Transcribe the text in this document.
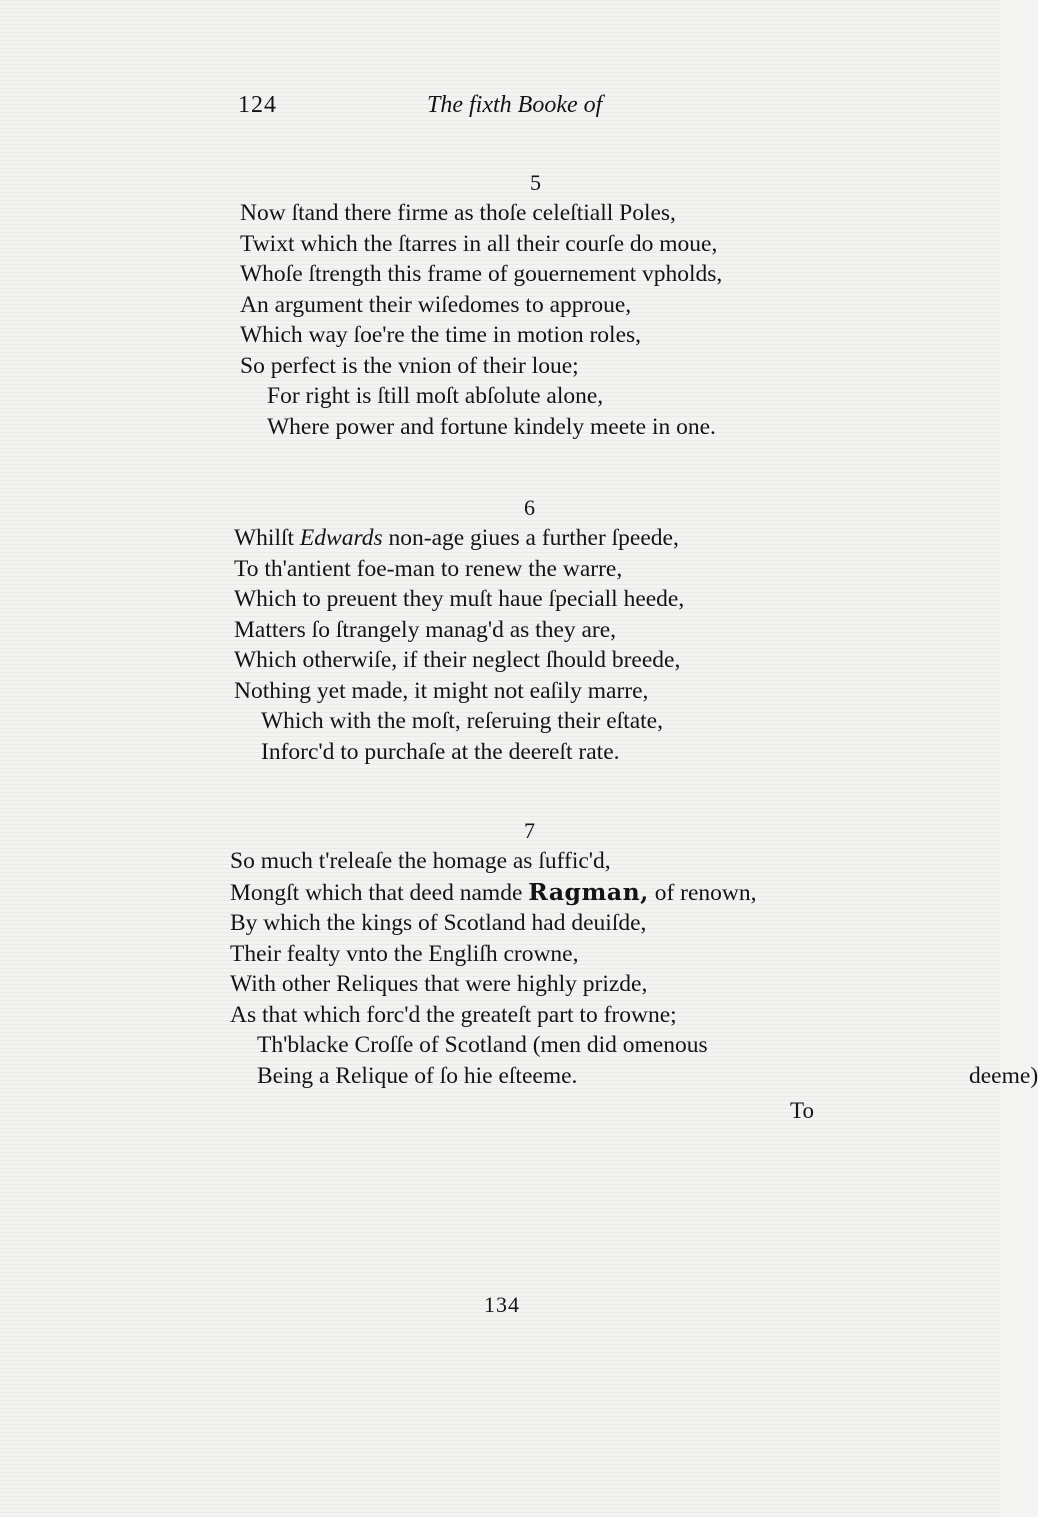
124	The fixth Booke of
5
Now ſtand there firme as thoſe celeſtiall Poles,
Twixt which the ſtarres in all their courſe do moue,
Whoſe ſtrength this frame of gouernement vpholds,
An argument their wiſedomes to approue,
Which way ſoe're the time in motion roles,
So perfect is the vnion of their loue;
For right is ſtill moſt abſolute alone,
Where power and fortune kindely meete in one.
6
Whilſt Edwards non-age giues a further ſpeede,
To th'antient foe-man to renew the warre,
Which to preuent they muſt haue ſpeciall heede,
Matters ſo ſtrangely manag'd as they are,
Which otherwiſe, if their neglect ſhould breede,
Nothing yet made, it might not eaſily marre,
Which with the moſt, reſeruing their eſtate,
Inforc'd to purchaſe at the deereſt rate.
7
So much t'releaſe the homage as ſuffic'd,
Mongſt which that deed namde Ragman, of renown,
By which the kings of Scotland had deuiſde,
Their fealty vnto the Engliſh crowne,
With other Reliques that were highly prizde,
As that which forc'd the greateſt part to frowne;
Th'blacke Croſſe of Scotland (men did omenous
Being a Relique of ſo hie eſteeme.	deeme)
To
134
